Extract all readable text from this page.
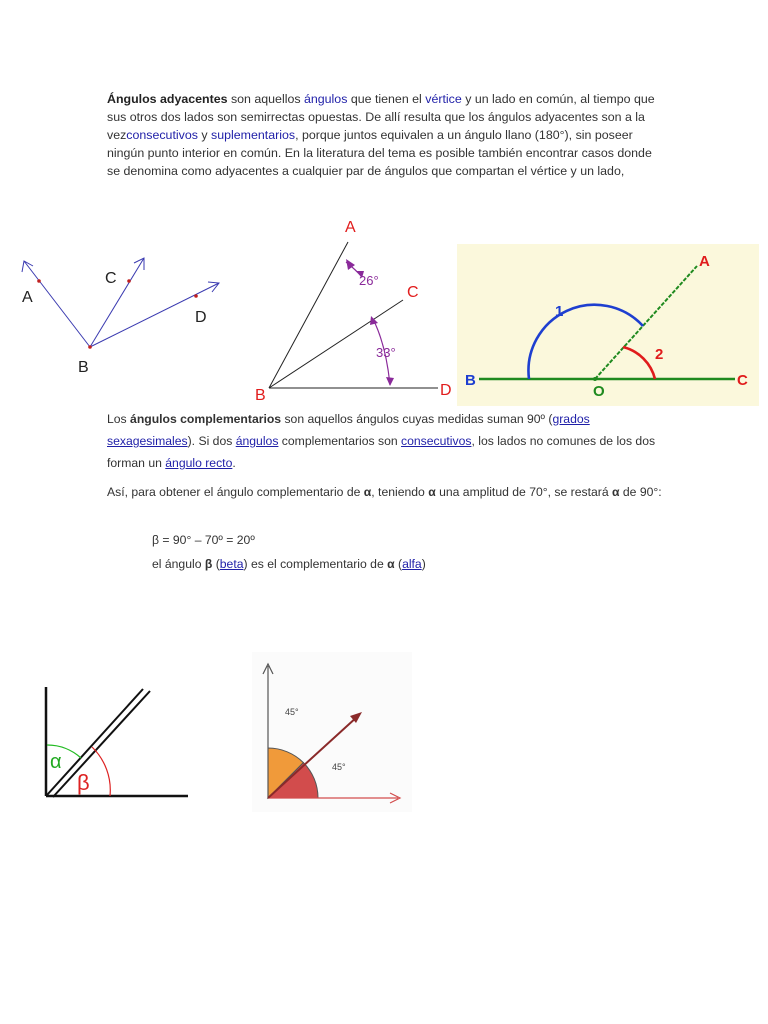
Ángulos adyacentes son aquellos ángulos que tienen el vértice y un lado en común, al tiempo que sus otros dos lados son semirrectas opuestas. De allí resulta que los ángulos adyacentes son a la vezconsecutivos y suplementarios, porque juntos equivalen a un ángulo llano (180°), sin poseer ningún punto interior en común. En la literatura del tema es posible también encontrar casos donde se denomina como adyacentes a cualquier par de ángulos que compartan el vértice y un lado,
A
C
D
B
A
C
B	D
26°
33°
A
B
O
C
1
2
Los ángulos complementarios son aquellos ángulos cuyas medidas suman 90º (grados sexagesimales). Si dos ángulos complementarios son consecutivos, los lados no comunes de los dos forman un ángulo recto.
Así, para obtener el ángulo complementario de α, teniendo α una amplitud de 70°, se restará α de 90°:
β = 90° – 70º = 20º
el ángulo β (beta) es el complementario de α (alfa)
α
β
45°
45°
